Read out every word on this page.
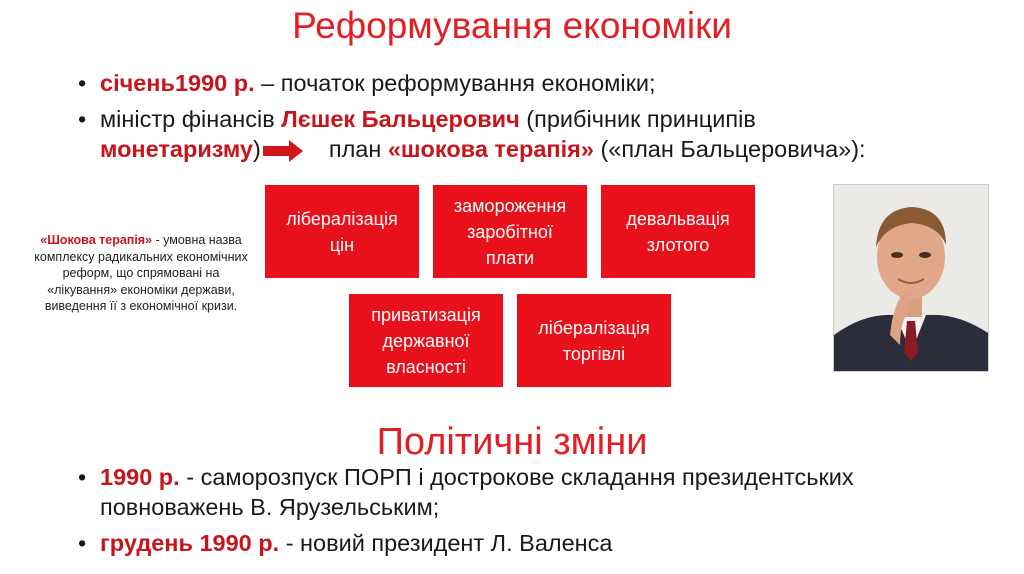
Реформування економіки
• січень1990 р. – початок реформування економіки;
• міністр фінансів Лєшек Бальцерович (прибічник принципів
монетаризму)	план «шокова терапія» («план Бальцеровича»):
лібералізація цін
замороження заробітної плати
девальвація злотого
приватизація державної власності
лібералізація торгівлі
«Шокова терапія» - умовна назва комплексу радикальних економічних реформ, що спрямовані на «лікування» економіки держави, виведення її з економічної кризи.
Політичні зміни
• 1990 р. - саморозпуск ПОРП і дострокове складання президентських повноважень В. Ярузельським;
• грудень 1990 р. - новий президент Л. Валенса
